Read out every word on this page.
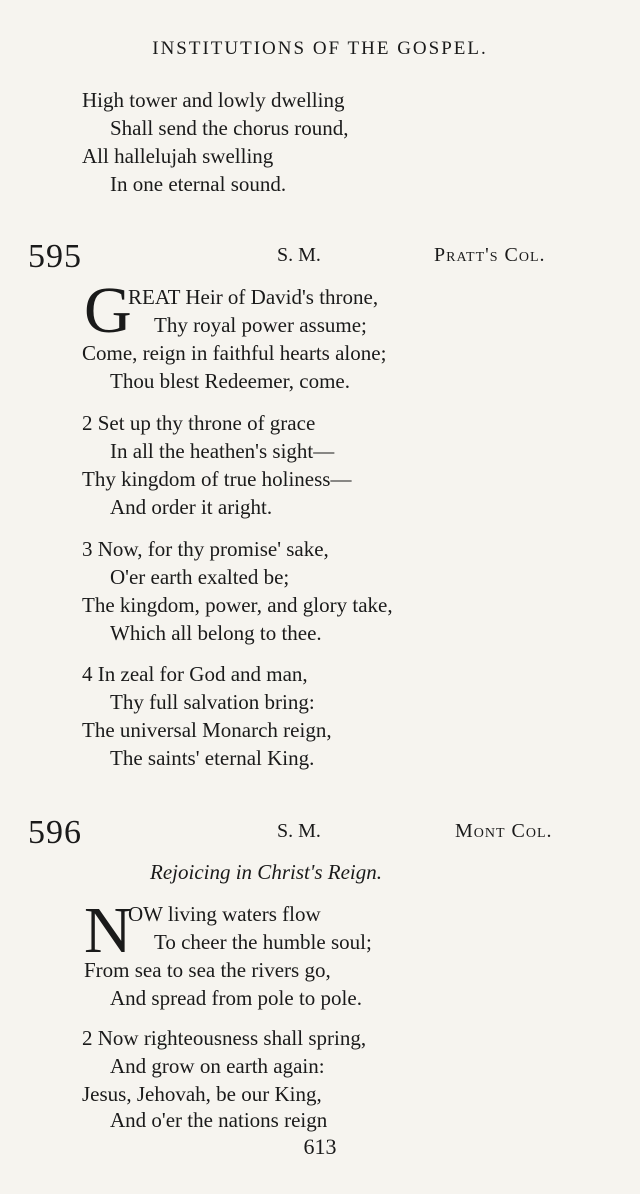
INSTITUTIONS OF THE GOSPEL.
High tower and lowly dwelling
Shall send the chorus round,
All hallelujah swelling
In one eternal sound.
595	S. M.	Pratt's Col.
G
REAT Heir of David's throne,
Thy royal power assume;
Come, reign in faithful hearts alone;
Thou blest Redeemer, come.
2 Set up thy throne of grace
In all the heathen's sight—
Thy kingdom of true holiness—
And order it aright.
3 Now, for thy promise' sake,
O'er earth exalted be;
The kingdom, power, and glory take,
Which all belong to thee.
4 In zeal for God and man,
Thy full salvation bring:
The universal Monarch reign,
The saints' eternal King.
596	S. M.	Mont Col.
Rejoicing in Christ's Reign.
N
OW living waters flow
To cheer the humble soul;
From sea to sea the rivers go,
And spread from pole to pole.
2 Now righteousness shall spring,
And grow on earth again:
Jesus, Jehovah, be our King,
And o'er the nations reign
613
